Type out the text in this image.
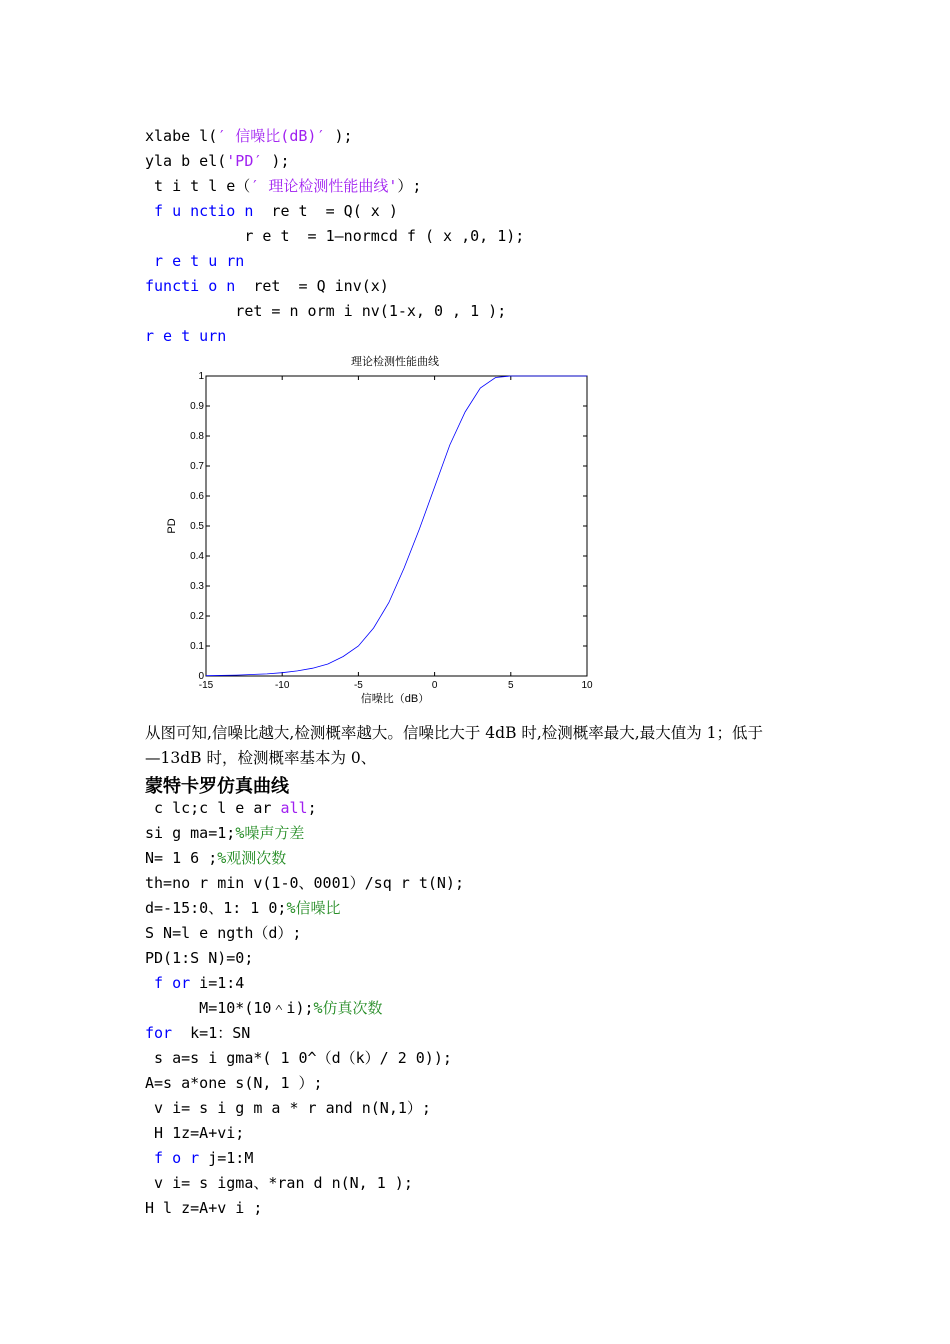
xlabe l(′ 信噪比(dB)′ );
yla b el('PD′ );
t i t l e（′ 理论检测性能曲线'）;
f u nctio n  re t  = Q( x )
r e t  = 1—normcd f ( x ,0, 1);
r e t u rn
functi o n  ret  = Q inv(x)
ret = n orm i nv(1-x, 0 , 1 );
r e t urn
理论检测性能曲线
-15	-10	-5	0	5	10
0
0.1
0.2
0.3
0.4
0.5
0.6
0.7
0.8
0.9
1
信噪比（dB）
PD
从图可知,信噪比越大,检测概率越大。信噪比大于 4dB 时,检测概率最大,最大值为 1；低于
—13dB 时，检测概率基本为 0、
蒙特卡罗仿真曲线
c lc;c l e ar all;
si g ma=1;%噪声方差
N= 1 6 ;%观测次数
th=no r min v(1-0、0001）/sq r t(N);
d=-15:0、1: 1 0;%信噪比
S N=l e ngth（d）;
PD(1:S N)=0;
f or i=1:4
M=10*(10＾i);%仿真次数
for  k=1：SN
s a=s i gma*( 1 0^（d（k）/ 2 0));
A=s a*one s(N, 1 ）;
v i= s i g m a * r and n(N,1）;
H 1z=A+vi;
f o r j=1:M
v i= s igma、*ran d n(N, 1 );
H l z=A+v i ;
